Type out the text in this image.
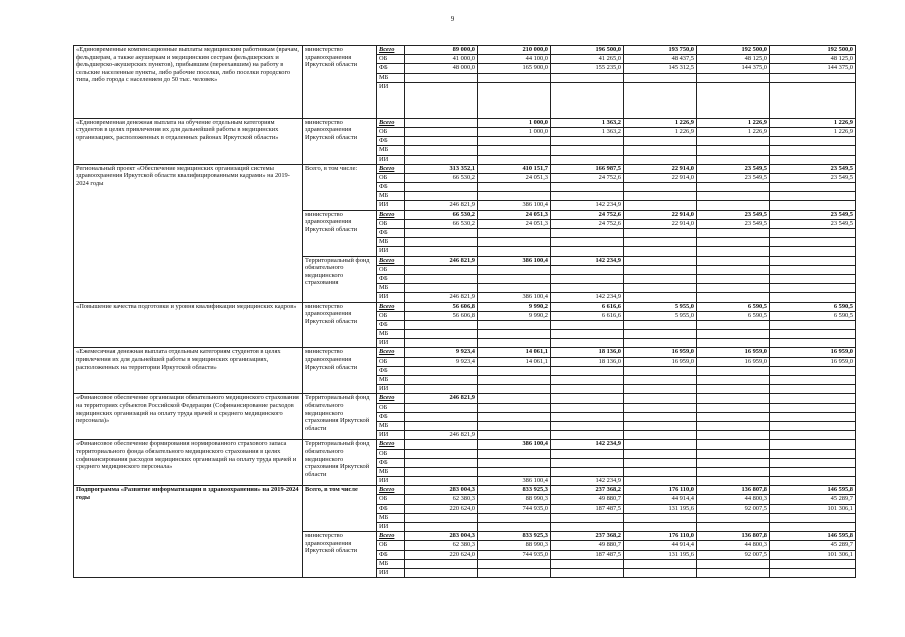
9
«Единовременные компенсационные выплаты медицинским работникам (врачам, фельдшерам, а также акушеркам и медицинским сестрам фельдшерских и фельдшерско-акушерских пунктов), прибывшим (переехавшим) на работу в сельские населенные пункты, либо рабочие поселки, либо поселки городского типа, либо города с населением до 50 тыс. человек»	министерство здравоохранения Иркутской области	Всего	89 000,0	210 000,0	196 500,0	193 750,0	192 500,0	192 500,0
		ОБ	41 000,0	44 100,0	41 265,0	48 437,5	48 125,0	48 125,0
		ФБ	48 000,0	165 900,0	155 235,0	145 312,5	144 375,0	144 375,0
		МБ						
		ИИ						
«Единовременная денежная выплата на обучение отдельным категориям студентов в целях привлечения их для дальнейшей работы в медицинских организациях, расположенных в отдаленных районах Иркутской области»	министерство здравоохранения Иркутской области	Всего		1 000,0	1 363,2	1 226,9	1 226,9	1 226,9
		ОБ		1 000,0	1 363,2	1 226,9	1 226,9	1 226,9
		ФБ						
		МБ						
		ИИ						
Региональный проект «Обеспечение медицинских организаций системы здравоохранения Иркутской области квалифицированными кадрами» на 2019-2024 годы	Всего, в том числе:	Всего	313 352,1	410 151,7	166 987,5	22 914,0	23 549,5	23 549,5
		ОБ	66 530,2	24 051,3	24 752,6	22 914,0	23 549,5	23 549,5
		ФБ						
		МБ						
		ИИ	246 821,9	386 100,4	142 234,9			
	министерство здравоохранения Иркутской области	Всего	66 530,2	24 051,3	24 752,6	22 914,0	23 549,5	23 549,5
		ОБ	66 530,2	24 051,3	24 752,6	22 914,0	23 549,5	23 549,5
		ФБ						
		МБ						
		ИИ						
	Территориальный фонд обязательного медицинского страхования	Всего	246 821,9	386 100,4	142 234,9			
		ОБ						
		ФБ						
		МБ						
		ИИ	246 821,9	386 100,4	142 234,9			
«Повышение качества подготовки и уровня квалификации медицинских кадров»	министерство здравоохранения Иркутской области	Всего	56 606,8	9 990,2	6 616,6	5 955,0	6 590,5	6 590,5
		ОБ	56 606,8	9 990,2	6 616,6	5 955,0	6 590,5	6 590,5
		ФБ						
		МБ						
		ИИ						
«Ежемесячная денежная выплата отдельным категориям студентов в целях привлечения их для дальнейшей работы в медицинских организациях, расположенных на территории Иркутской области»	министерство здравоохранения Иркутской области	Всего	9 923,4	14 061,1	18 136,0	16 959,0	16 959,0	16 959,0
		ОБ	9 923,4	14 061,1	18 136,0	16 959,0	16 959,0	16 959,0
		ФБ						
		МБ						
		ИИ						
«Финансовое обеспечение организации обязательного медицинского страхования на территориях субъектов Российской Федерации (Софинансирование расходов медицинских организаций на оплату труда врачей и среднего медицинского персонала)»	Территориальный фонд обязательного медицинского страхования Иркутской области	Всего	246 821,9					
		ОБ						
		ФБ						
		МБ						
		ИИ	246 821,9					
«Финансовое обеспечение формирования нормированного страхового запаса территориального фонда обязательного медицинского страхования в целях софинансирования расходов медицинских организаций на оплату труда врачей и среднего медицинского персонала»	Территориальный фонд обязательного медицинского страхования Иркутской области	Всего		386 100,4	142 234,9			
		ОБ						
		ФБ						
		МБ						
		ИИ		386 100,4	142 234,9			
Подпрограмма «Развитие информатизации в здравоохранении» на 2019-2024 годы	Всего, в том числе	Всего	283 004,3	833 925,3	237 368,2	176 110,0	136 807,8	146 595,8
		ОБ	62 380,3	88 990,3	49 880,7	44 914,4	44 800,3	45 289,7
		ФБ	220 624,0	744 935,0	187 487,5	131 195,6	92 007,5	101 306,1
		МБ						
		ИИ						
	министерство здравоохранения Иркутской области	Всего	283 004,3	833 925,3	237 368,2	176 110,0	136 807,8	146 595,8
		ОБ	62 380,3	88 990,3	49 880,7	44 914,4	44 800,3	45 289,7
		ФБ	220 624,0	744 935,0	187 487,5	131 195,6	92 007,5	101 306,1
		МБ						
		ИИ						
